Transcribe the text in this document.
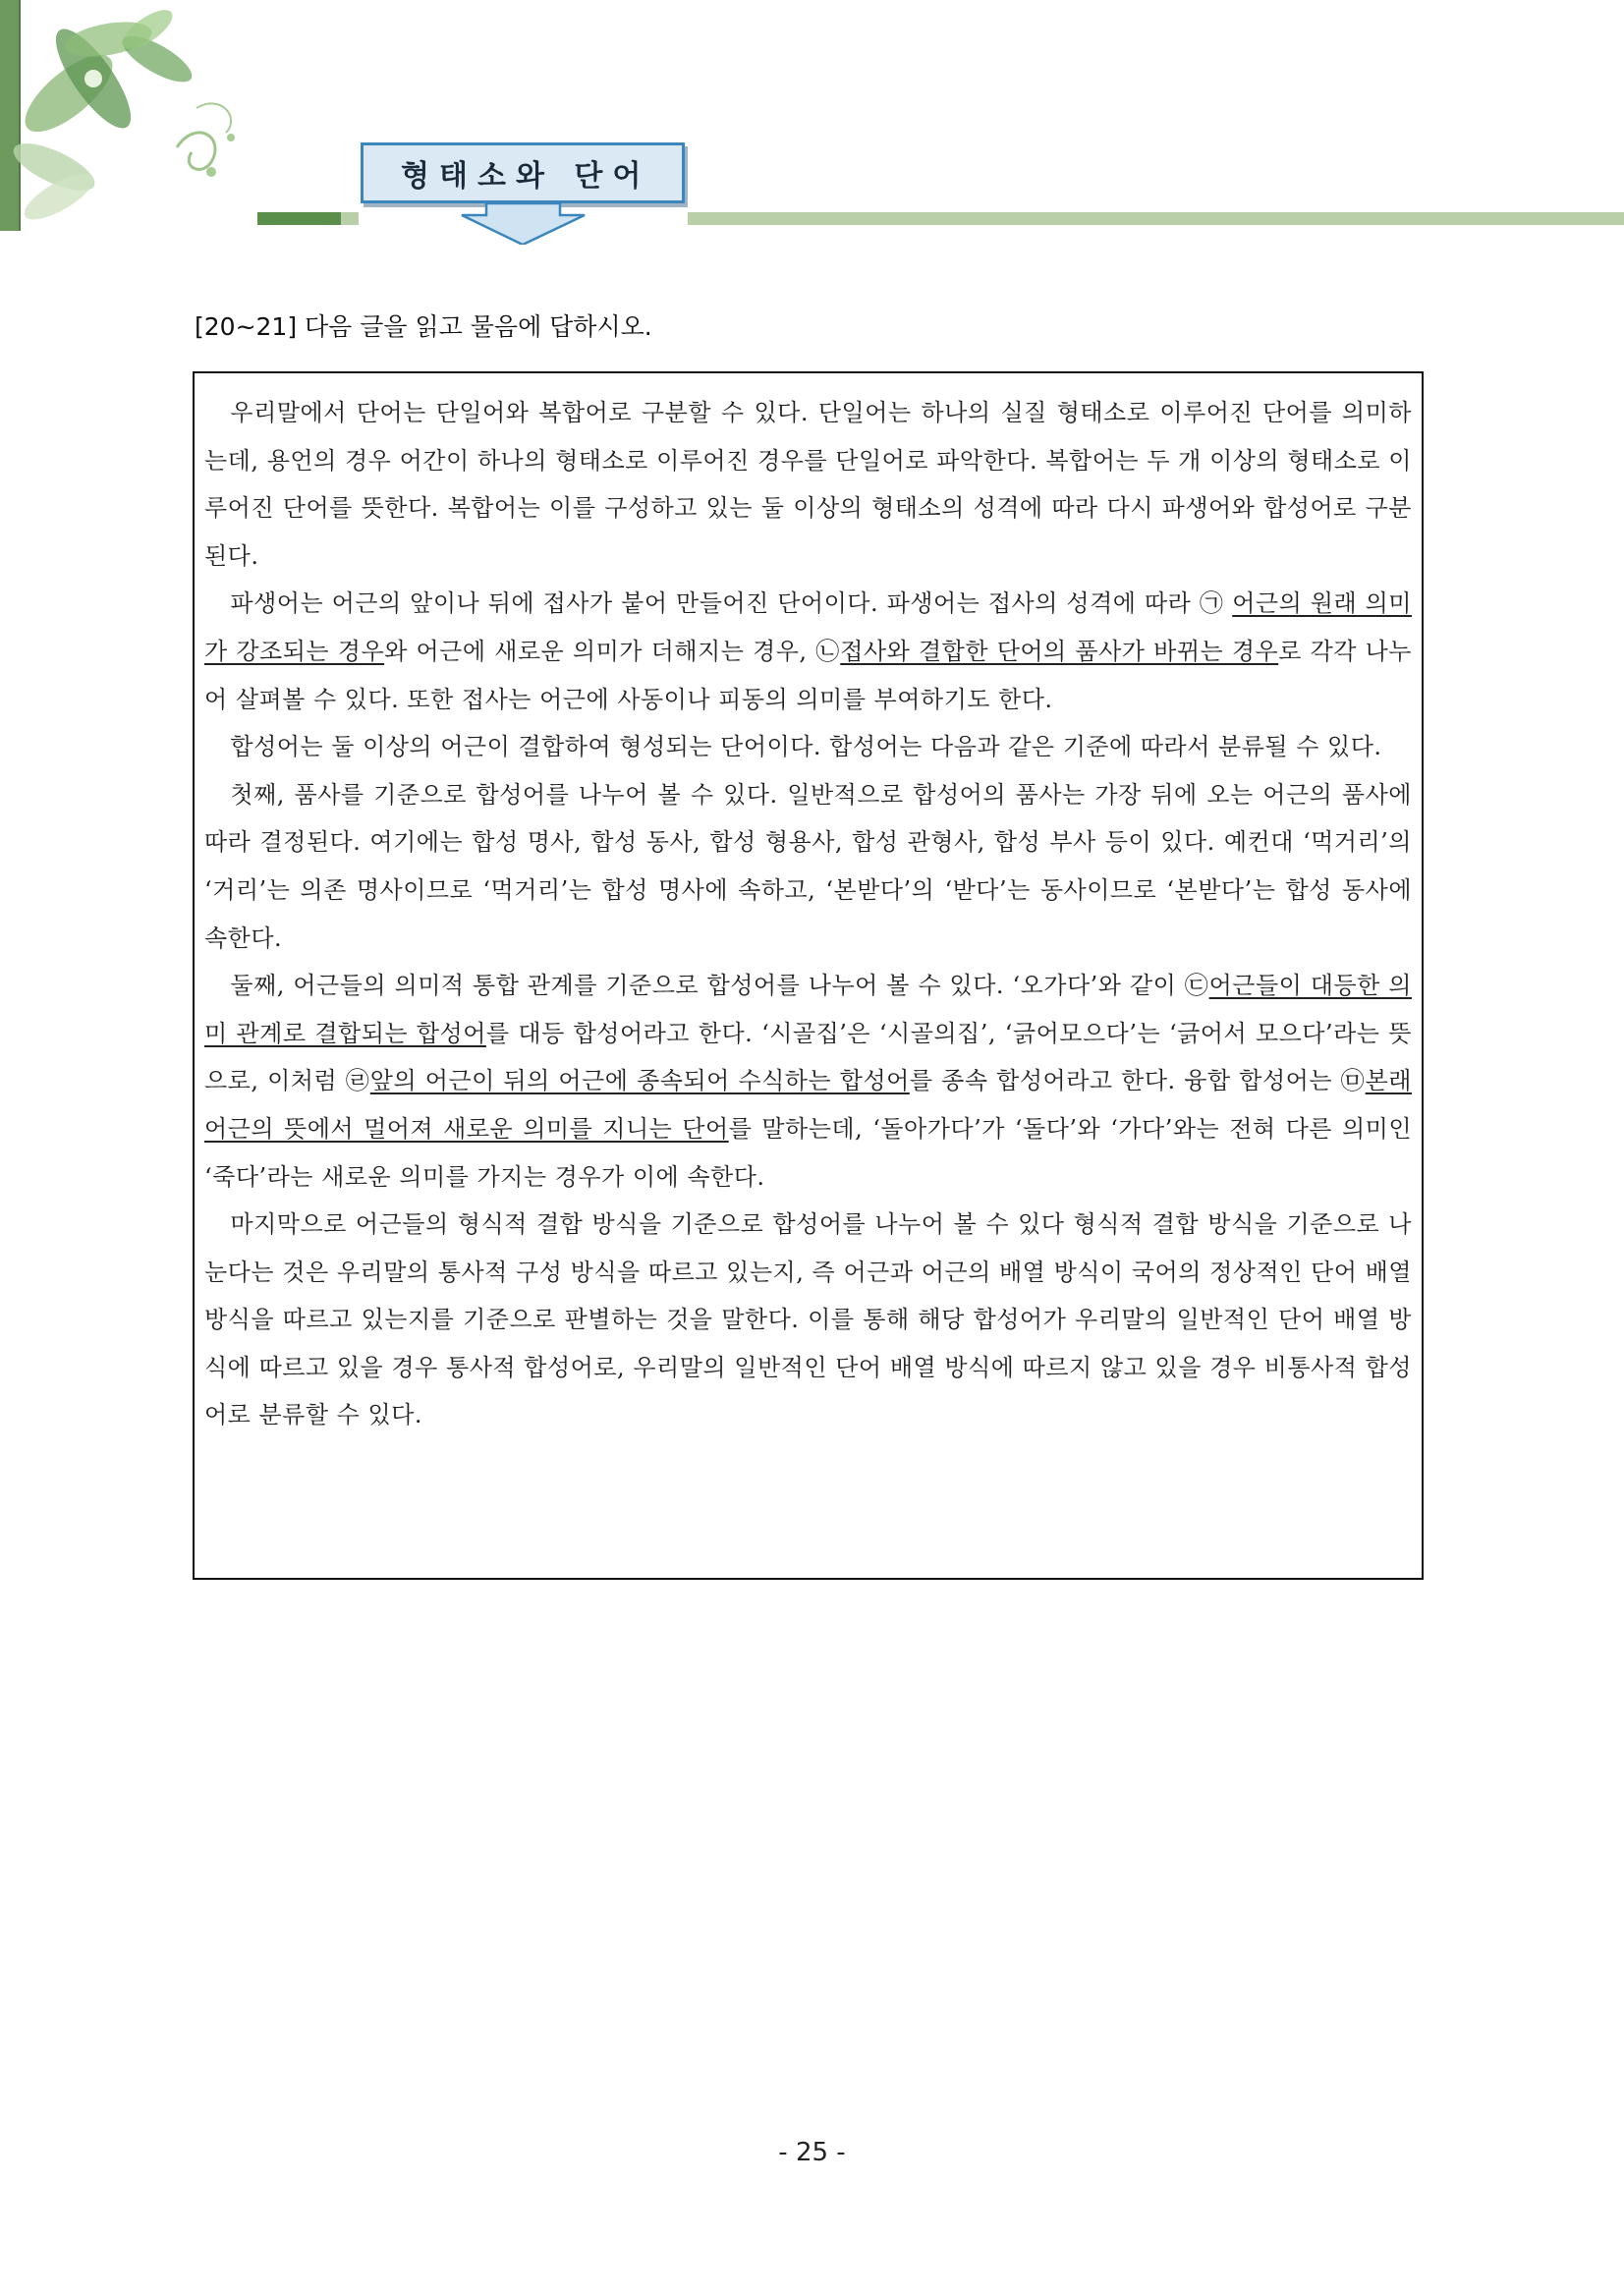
형태소와 단어
[20~21] 다음 글을 읽고 물음에 답하시오.

우리말에서 단어는 단일어와 복합어로 구분할 수 있다. 단일어는 하나의 실질 형태소로 이루어진 단어를 의미하는데, 용언의 경우 어간이 하나의 형태소로 이루어진 경우를 단일어로 파악한다. 복합어는 두 개 이상의 형태소로 이루어진 단어를 뜻한다. 복합어는 이를 구성하고 있는 둘 이상의 형태소의 성격에 따라 다시 파생어와 합성어로 구분된다.

파생어는 어근의 앞이나 뒤에 접사가 붙어 만들어진 단어이다. 파생어는 접사의 성격에 따라 ㉠ 어근의 원래 의미가 강조되는 경우와 어근에 새로운 의미가 더해지는 경우, ㉡접사와 결합한 단어의 품사가 바뀌는 경우로 각각 나누어 살펴볼 수 있다. 또한 접사는 어근에 사동이나 피동의 의미를 부여하기도 한다.

합성어는 둘 이상의 어근이 결합하여 형성되는 단어이다. 합성어는 다음과 같은 기준에 따라서 분류될 수 있다.

첫째, 품사를 기준으로 합성어를 나누어 볼 수 있다. 일반적으로 합성어의 품사는 가장 뒤에 오는 어근의 품사에 따라 결정된다. 여기에는 합성 명사, 합성 동사, 합성 형용사, 합성 관형사, 합성 부사 등이 있다. 예컨대 ‘먹거리’의 ‘거리’는 의존 명사이므로 ‘먹거리’는 합성 명사에 속하고, ‘본받다’의 ‘받다’는 동사이므로 ‘본받다’는 합성 동사에 속한다.

둘째, 어근들의 의미적 통합 관계를 기준으로 합성어를 나누어 볼 수 있다. ‘오가다’와 같이 ㉢어근들이 대등한 의미 관계로 결합되는 합성어를 대등 합성어라고 한다. ‘시골집’은 ‘시골의집’, ‘긁어모으다’는 ‘긁어서 모으다’라는 뜻으로, 이처럼 ㉣앞의 어근이 뒤의 어근에 종속되어 수식하는 합성어를 종속 합성어라고 한다. 융합 합성어는 ㉤본래 어근의 뜻에서 멀어져 새로운 의미를 지니는 단어를 말하는데, ‘돌아가다’가 ‘돌다’와 ‘가다’와는 전혀 다른 의미인 ‘죽다’라는 새로운 의미를 가지는 경우가 이에 속한다.

마지막으로 어근들의 형식적 결합 방식을 기준으로 합성어를 나누어 볼 수 있다 형식적 결합 방식을 기준으로 나눈다는 것은 우리말의 통사적 구성 방식을 따르고 있는지, 즉 어근과 어근의 배열 방식이 국어의 정상적인 단어 배열 방식을 따르고 있는지를 기준으로 판별하는 것을 말한다. 이를 통해 해당 합성어가 우리말의 일반적인 단어 배열 방식에 따르고 있을 경우 통사적 합성어로, 우리말의 일반적인 단어 배열 방식에 따르지 않고 있을 경우 비통사적 합성어로 분류할 수 있다.

- 25 -
